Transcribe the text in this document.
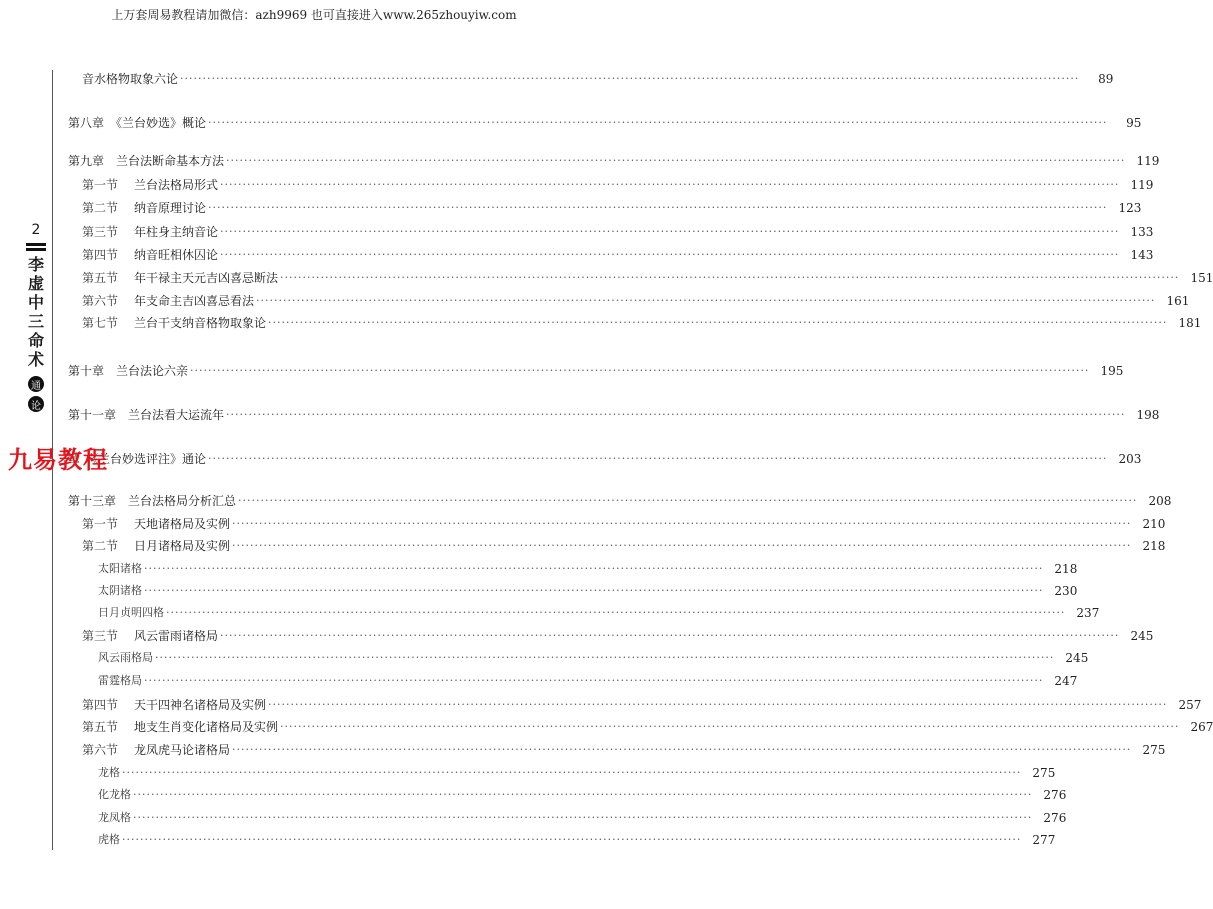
上万套周易教程请加微信：azh9969 也可直接进入www.265zhouyiw.com
2
李
虚
中
三
命
术
通
论
音水格物取象六论 ········································································································································································································	89
第八章　《兰台妙选》概论 ········································································································································································································	95
第九章　兰台法断命基本方法 ········································································································································································································ 119
第一节 兰台法格局形式 ········································································································································································································ 119
第二节 纳音原理讨论 ········································································································································································································ 123
第三节 年柱身主纳音论 ········································································································································································································ 133
第四节 纳音旺相休囚论 ········································································································································································································ 143
第五节 年干禄主天元吉凶喜忌断法 ········································································································································································································ 151
第六节 年支命主吉凶喜忌看法 ········································································································································································································ 161
第七节 兰台干支纳音格物取象论 ········································································································································································································ 181
第十章　兰台法论六亲 ········································································································································································································ 195
第十一章　兰台法看大运流年 ········································································································································································································ 198
章　《兰台妙选评注》通论 ········································································································································································································ 203
第十三章　兰台法格局分析汇总 ········································································································································································································ 208
第一节 天地诸格局及实例 ········································································································································································································ 210
第二节 日月诸格局及实例 ········································································································································································································ 218
太阳诸格 ········································································································································································································ 218
太阴诸格 ········································································································································································································ 230
日月贞明四格 ········································································································································································································ 237
第三节 风云雷雨诸格局 ········································································································································································································ 245
风云雨格局 ········································································································································································································ 245
雷霆格局 ········································································································································································································ 247
第四节 天干四神名诸格局及实例 ········································································································································································································ 257
第五节 地支生肖变化诸格局及实例 ········································································································································································································ 267
第六节 龙凤虎马论诸格局 ········································································································································································································ 275
龙格 ········································································································································································································ 275
化龙格 ········································································································································································································ 276
龙凤格 ········································································································································································································ 276
虎格 ········································································································································································································ 277
九易教程
